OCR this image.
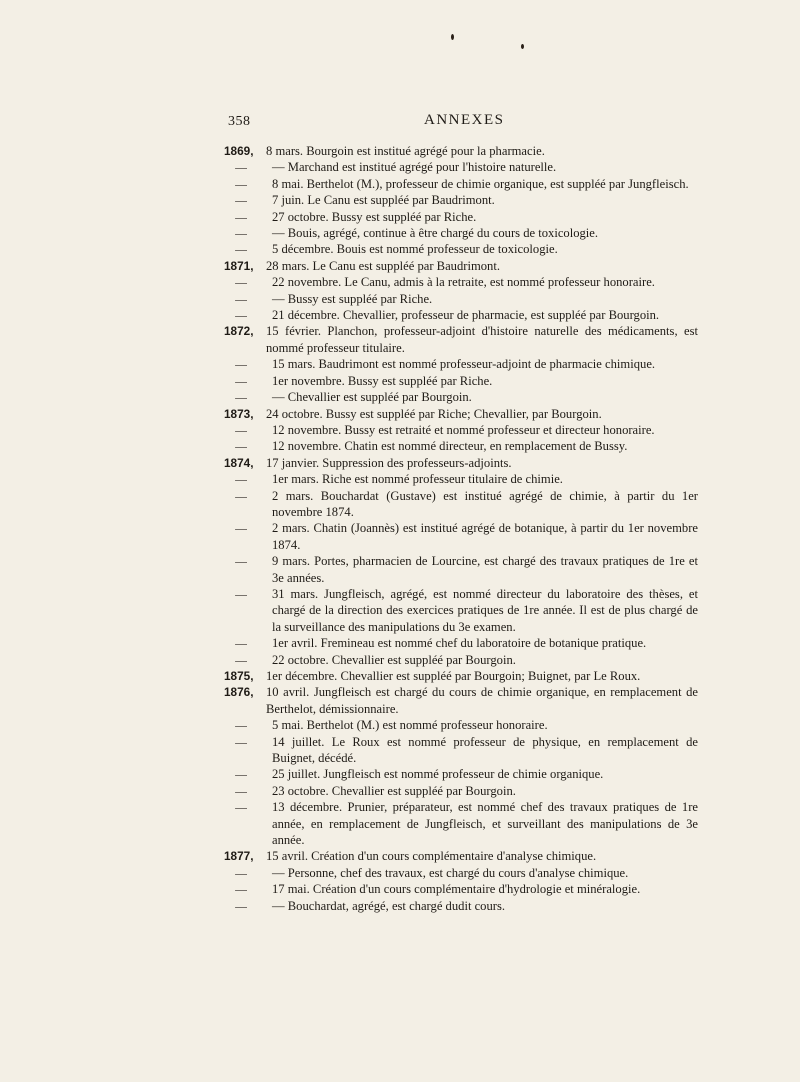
358	ANNEXES
1869, 8 mars. Bourgoin est institué agrégé pour la pharmacie.
—	— Marchand est institué agrégé pour l'histoire naturelle.
—	8 mai. Berthelot (M.), professeur de chimie organique, est suppléé par Jungfleisch.
—	7 juin. Le Canu est suppléé par Baudrimont.
—	27 octobre. Bussy est suppléé par Riche.
—	— Bouis, agrégé, continue à être chargé du cours de toxicologie.
—	5 décembre. Bouis est nommé professeur de toxicologie.
1871, 28 mars. Le Canu est suppléé par Baudrimont.
—	22 novembre. Le Canu, admis à la retraite, est nommé professeur honoraire.
—	— Bussy est suppléé par Riche.
—	21 décembre. Chevallier, professeur de pharmacie, est suppléé par Bourgoin.
1872, 15 février. Planchon, professeur-adjoint d'histoire naturelle des médicaments, est nommé professeur titulaire.
—	15 mars. Baudrimont est nommé professeur-adjoint de pharmacie chimique.
—	1er novembre. Bussy est suppléé par Riche.
—	— Chevallier est suppléé par Bourgoin.
1873, 24 octobre. Bussy est suppléé par Riche; Chevallier, par Bourgoin.
—	12 novembre. Bussy est retraité et nommé professeur et directeur honoraire.
—	12 novembre. Chatin est nommé directeur, en remplacement de Bussy.
1874, 17 janvier. Suppression des professeurs-adjoints.
—	1er mars. Riche est nommé professeur titulaire de chimie.
—	2 mars. Bouchardat (Gustave) est institué agrégé de chimie, à partir du 1er novembre 1874.
—	2 mars. Chatin (Joannès) est institué agrégé de botanique, à partir du 1er novembre 1874.
—	9 mars. Portes, pharmacien de Lourcine, est chargé des travaux pratiques de 1re et 3e années.
—	31 mars. Jungfleisch, agrégé, est nommé directeur du laboratoire des thèses, et chargé de la direction des exercices pratiques de 1re année. Il est de plus chargé de la surveillance des manipulations du 3e examen.
—	1er avril. Fremineau est nommé chef du laboratoire de botanique pratique.
—	22 octobre. Chevallier est suppléé par Bourgoin.
1875, 1er décembre. Chevallier est suppléé par Bourgoin; Buignet, par Le Roux.
1876, 10 avril. Jungfleisch est chargé du cours de chimie organique, en remplacement de Berthelot, démissionnaire.
—	5 mai. Berthelot (M.) est nommé professeur honoraire.
—	14 juillet. Le Roux est nommé professeur de physique, en remplacement de Buignet, décédé.
—	25 juillet. Jungfleisch est nommé professeur de chimie organique.
—	23 octobre. Chevallier est suppléé par Bourgoin.
—	13 décembre. Prunier, préparateur, est nommé chef des travaux pratiques de 1re année, en remplacement de Jungfleisch, et surveillant des manipulations de 3e année.
1877, 15 avril. Création d'un cours complémentaire d'analyse chimique.
—	— Personne, chef des travaux, est chargé du cours d'analyse chimique.
—	17 mai. Création d'un cours complémentaire d'hydrologie et minéralogie.
—	— Bouchardat, agrégé, est chargé dudit cours.
